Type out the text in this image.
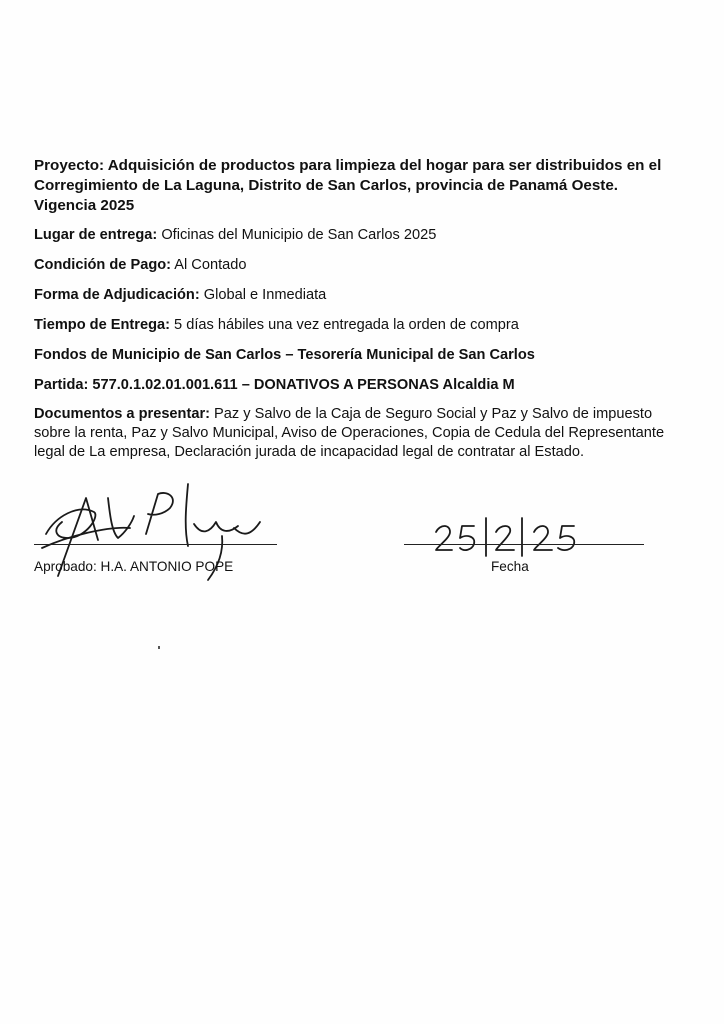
Proyecto: Adquisición de productos para limpieza del hogar para ser distribuidos en el Corregimiento de La Laguna, Distrito de San Carlos, provincia de Panamá Oeste. Vigencia 2025

Lugar de entrega: Oficinas del Municipio de San Carlos 2025

Condición de Pago: Al Contado

Forma de Adjudicación: Global e Inmediata

Tiempo de Entrega: 5 días hábiles una vez entregada la orden de compra

Fondos de Municipio de San Carlos – Tesorería Municipal de San Carlos

Partida: 577.0.1.02.01.001.611 – DONATIVOS A PERSONAS Alcaldia M

Documentos a presentar: Paz y Salvo de la Caja de Seguro Social y Paz y Salvo de impuesto sobre la renta, Paz y Salvo Municipal, Aviso de Operaciones, Copia de Cedula del Representante legal de La empresa, Declaración jurada de incapacidad legal de contratar al Estado.

Aprobado: H.A. ANTONIO POPE	Fecha
